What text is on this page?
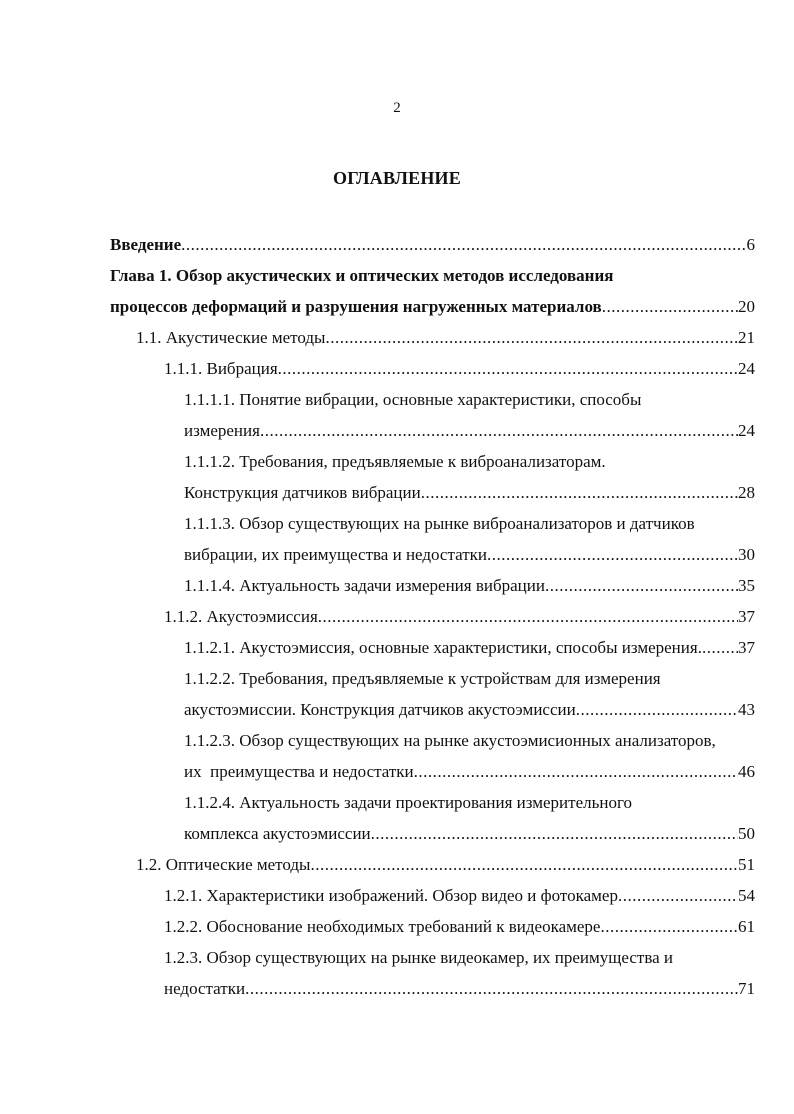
2
ОГЛАВЛЕНИЕ
Введение .....	6
Глава 1. Обзор акустических и оптических методов исследования
процессов деформаций и разрушения нагруженных материалов .....	20
1.1. Акустические методы .....	21
1.1.1. Вибрация .....	24
1.1.1.1. Понятие вибрации, основные характеристики, способы
измерения .....	24
1.1.1.2. Требования, предъявляемые к виброанализаторам.
Конструкция датчиков вибрации .....	28
1.1.1.3. Обзор существующих на рынке виброанализаторов и датчиков
вибрации, их преимущества и недостатки .....	30
1.1.1.4. Актуальность задачи измерения вибрации .....	35
1.1.2. Акустоэмиссия .....	37
1.1.2.1. Акустоэмиссия, основные характеристики, способы измерения. ..... 37
1.1.2.2. Требования, предъявляемые к устройствам для измерения
акустоэмиссии. Конструкция датчиков акустоэмиссии .....	43
1.1.2.3. Обзор существующих на рынке акустоэмисионных анализаторов,
их  преимущества и недостатки .....	46
1.1.2.4. Актуальность задачи проектирования измерительного
комплекса акустоэмиссии .....	50
1.2. Оптические методы .....	51
1.2.1. Характеристики изображений. Обзор видео и фотокамер .....	54
1.2.2. Обоснование необходимых требований к видеокамере .....	61
1.2.3. Обзор существующих на рынке видеокамер, их преимущества и
недостатки .....	71
